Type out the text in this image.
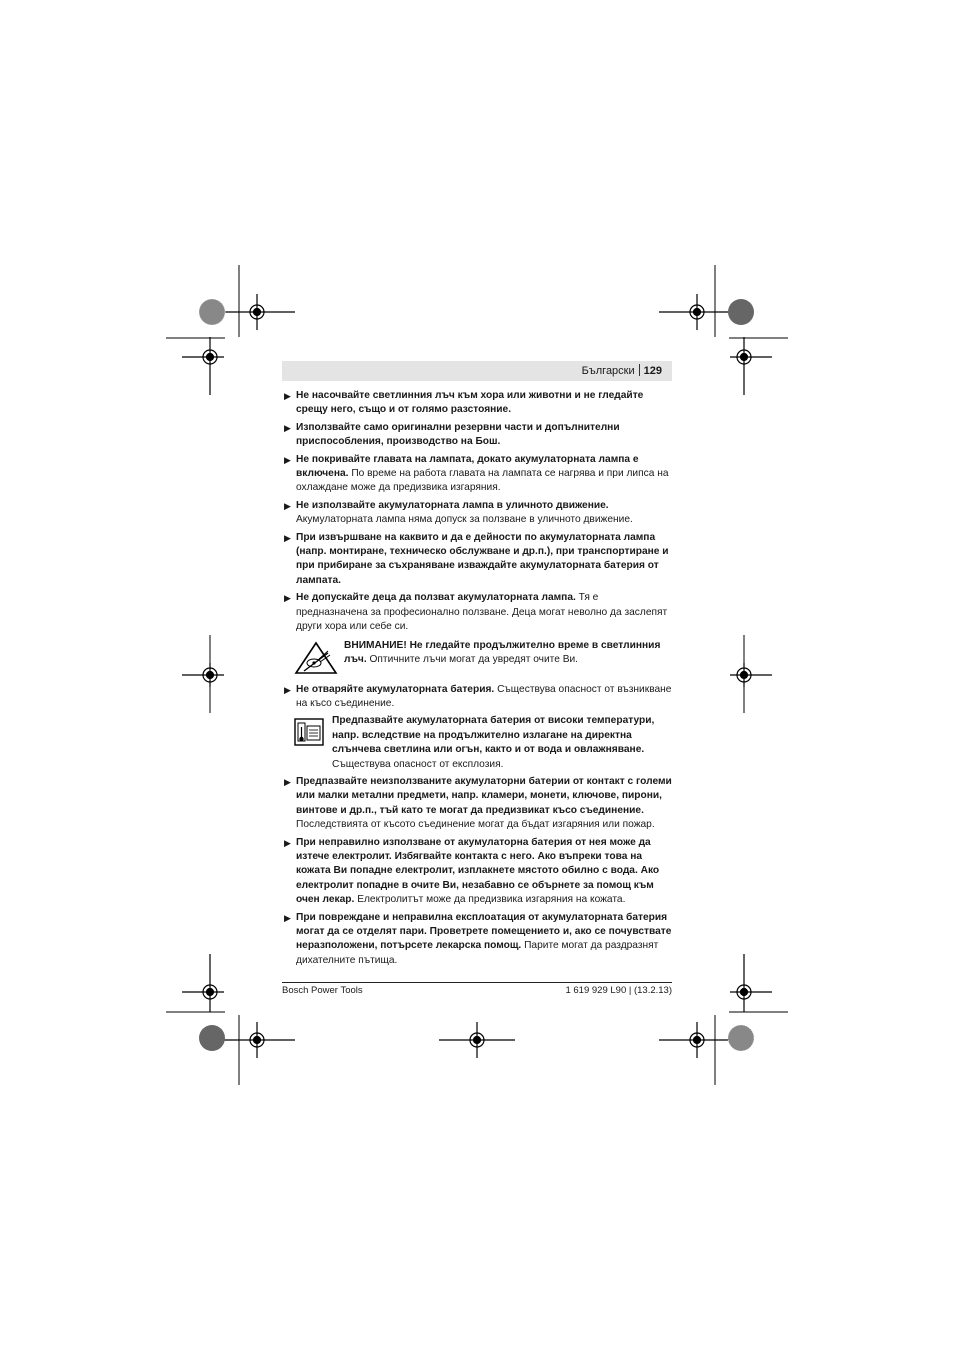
Български 129
▶ Не насочвайте светлинния лъч към хора или животни и не гледайте срещу него, също и от голямо разстояние.
▶ Използвайте само оригинални резервни части и допълнителни приспособления, производство на Бош.
▶ Не покривайте главата на лампата, докато акумулаторната лампа е включена. По време на работа главата на лампата се нагрява и при липса на охлаждане може да предизвика изгаряния.
▶ Не използвайте акумулаторната лампа в уличното движение. Акумулаторната лампа няма допуск за ползване в уличното движение.
▶ При извършване на каквито и да е дейности по акумулаторната лампа (напр. монтиране, техническо обслужване и др.п.), при транспортиране и при прибиране за съхраняване изваждайте акумулаторната батерия от лампата.
▶ Не допускайте деца да ползват акумулаторната лампа. Тя е предназначена за професионално ползване. Деца могат неволно да заслепят други хора или себе си.
ВНИМАНИЕ! Не гледайте продължително време в светлинния лъч. Оптичните лъчи могат да увредят очите Ви.
▶ Не отваряйте акумулаторната батерия. Съществува опасност от възникване на късо съединение.
Предпазвайте акумулаторната батерия от високи температури, напр. вследствие на продължително излагане на директна слънчева светлина или огън, както и от вода и овлажняване. Съществува опасност от експлозия.
▶ Предпазвайте неизползваните акумулаторни батерии от контакт с големи или малки метални предмети, напр. кламери, монети, ключове, пирони, винтове и др.п., тъй като те могат да предизвикат късо съединение. Последствията от късото съединение могат да бъдат изгаряния или пожар.
▶ При неправилно използване от акумулаторна батерия от нея може да изтече електролит. Избягвайте контакта с него. Ако въпреки това на кожата Ви попадне електролит, изплакнете мястото обилно с вода. Ако електролит попадне в очите Ви, незабавно се обърнете за помощ към очен лекар. Електролитът може да предизвика изгаряния на кожата.
▶ При повреждане и неправилна експлоатация от акумулаторната батерия могат да се отделят пари. Проветрете помещението и, ако се почувствате неразположени, потърсете лекарска помощ. Парите могат да раздразнят дихателните пътища.
Bosch Power Tools	1 619 929 L90 | (13.2.13)
